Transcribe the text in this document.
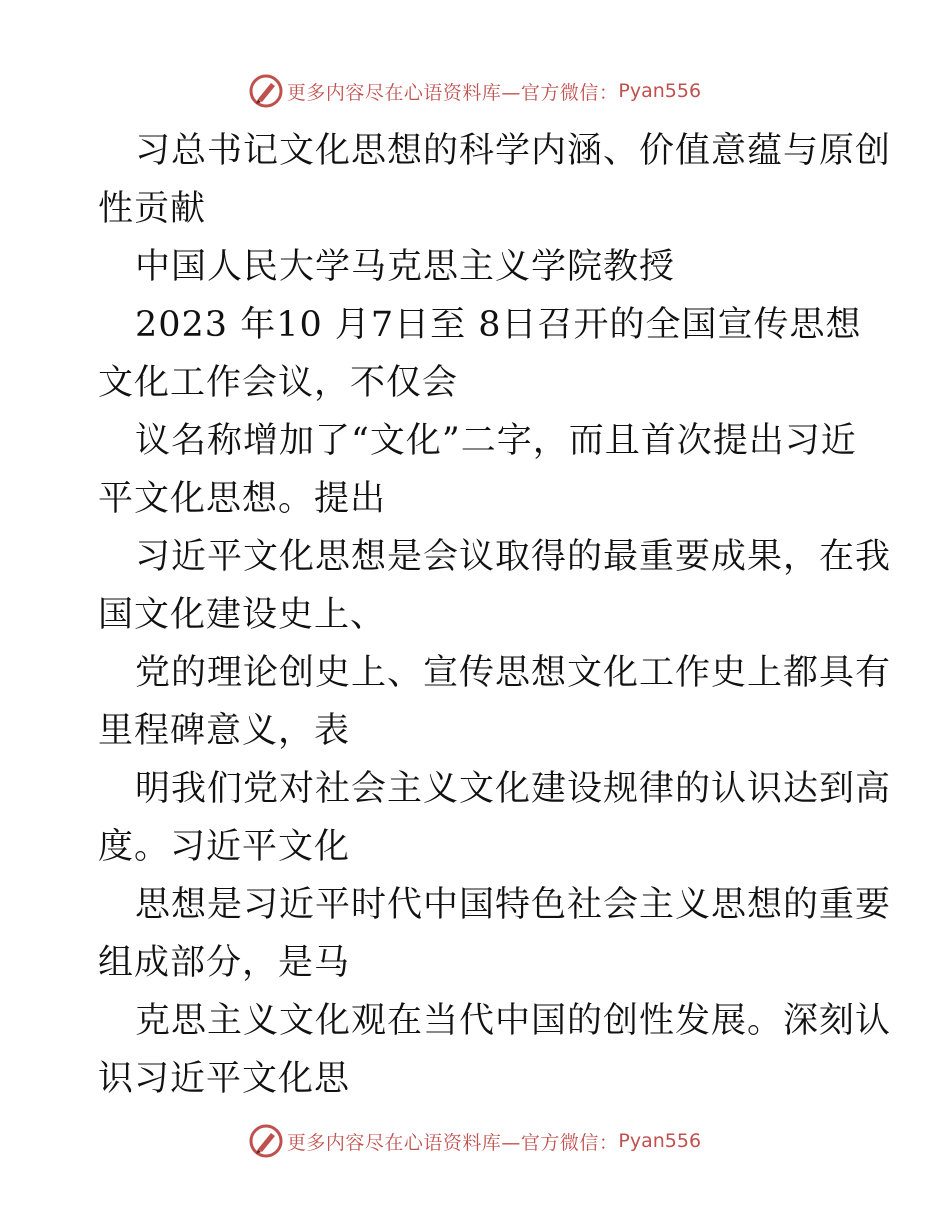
更多内容尽在心语资料库—官方微信： Pyan556
习总书记文化思想的科学内涵、价值意蕴与原创
性贡献
中国人民大学马克思主义学院教授
2023 年10 月7日至 8日召开的全国宣传思想
文化工作会议，不仅会
议名称增加了“文化”二字，而且首次提出习近
平文化思想。提出
习近平文化思想是会议取得的最重要成果，在我
国文化建设史上、
党的理论创史上、宣传思想文化工作史上都具有
里程碑意义，表
明我们党对社会主义文化建设规律的认识达到高
度。习近平文化
思想是习近平时代中国特色社会主义思想的重要
组成部分，是马
克思主义文化观在当代中国的创性发展。深刻认
识习近平文化思
更多内容尽在心语资料库—官方微信： Pyan556
